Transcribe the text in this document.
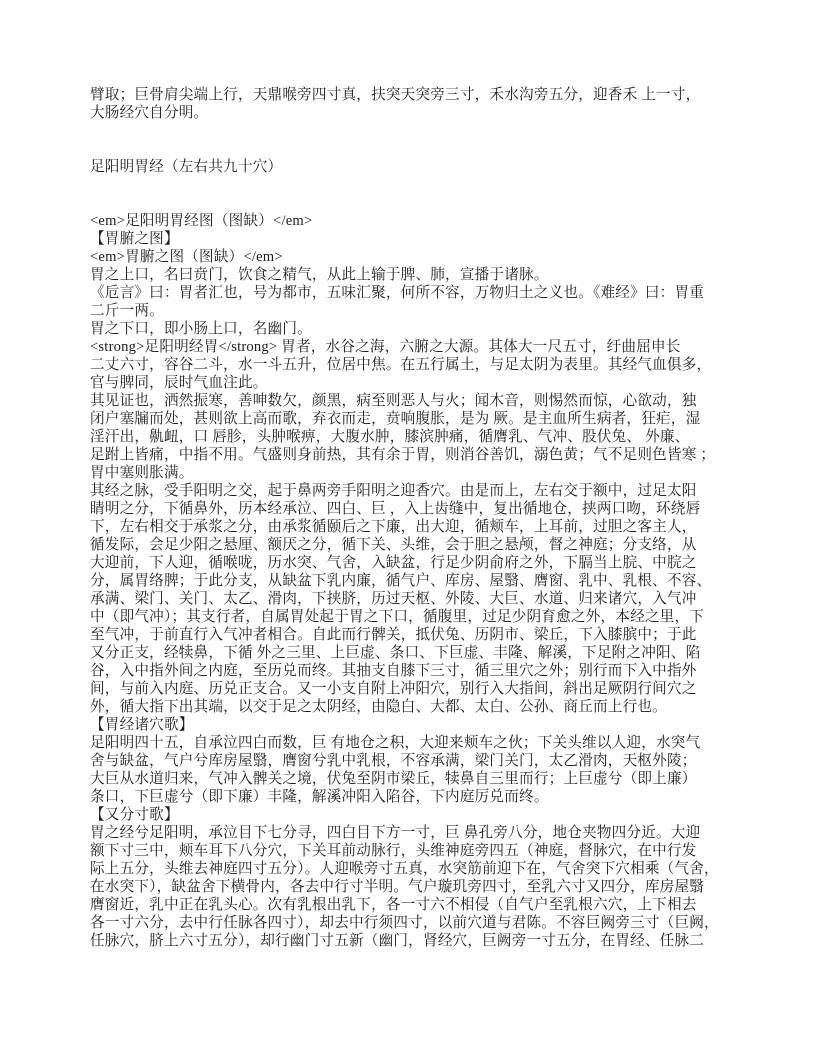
臂取；巨骨肩尖端上行，天鼎喉旁四寸真，扶突天突旁三寸，禾水沟旁五分，迎香禾 上一寸，
大肠经穴自分明。
足阳明胃经（左右共九十穴）
<em>足阳明胃经图（图缺）</em>
【胃腑之图】
<em>胃腑之图（图缺）</em>
胃之上口，名曰贲门，饮食之精气，从此上输于脾、肺，宣播于诸脉。
《卮言》曰：胃者汇也，号为都市，五味汇聚，何所不容，万物归土之义也。《难经》曰：胃重
二斤一两。
胃之下口，即小肠上口，名幽门。
<strong>足阳明经胃</strong> 胃者，水谷之海，六腑之大源。其体大一尺五寸，纡曲屈申长
二丈六寸，容谷二斗，水一斗五升，位居中焦。在五行属土，与足太阴为表里。其经气血俱多，
官与脾同，辰时气血注此。
其见证也，洒然振寒，善呻数欠，颜黑，病至则恶人与火；闻木音，则惕然而惊，心欲动，独
闭户塞牖而处，甚则欲上高而歌，弃衣而走，贲响腹胀，是为 厥。是主血所生病者，狂疟，湿
淫汗出，鼽衄，口 唇胗，头肿喉痹，大腹水肿，膝滨肿痛，循膺乳、气冲、股伏兔、 外廉、
足跗上皆痛，中指不用。气盛则身前热，其有余于胃，则消谷善饥，溺色黄；气不足则色皆寒 ；
胃中塞则胀满。
其经之脉，受手阳明之交，起于鼻两旁手阳明之迎香穴。由是而上，左右交于额中，过足太阳
睛明之分，下循鼻外，历本经承泣、四白、巨 ，入上齿缝中，复出循地仓，挟两口吻，环绕唇
下，左右相交于承浆之分，由承浆循颐后之下廉，出大迎，循颊车，上耳前，过胆之客主人，
循发际，会足少阳之悬厘、额厌之分，循下关、头维，会于胆之悬颅，督之神庭；分支络，从
大迎前，下人迎，循喉咙，历水突、气舍，入缺盆，行足少阴俞府之外，下膈当上脘、中脘之
分，属胃络脾；于此分支，从缺盆下乳内廉，循气户、库房、屋翳、膺窗、乳中、乳根、不容、
承满、梁门、关门、太乙、滑肉，下挟脐，历过天枢、外陵、大巨、水道、归来诸穴，入气冲
中（即气冲）；其支行者，自属胃处起于胃之下口，循腹里，过足少阴育愈之外，本经之里，下
至气冲，于前直行入气冲者相合。自此而行髀关，抵伏兔、历阴市、梁丘，下入膝膑中；于此
又分正支，经犊鼻，下循 外之三里、上巨虚、条口、下巨虚、丰隆、解溪，下足附之冲阳、陷
谷，入中指外间之内庭，至历兑而终。其抽支自膝下三寸，循三里穴之外；别行而下入中指外
间，与前入内庭、历兑正支合。又一小支自附上冲阳穴，别行入大指间，斜出足厥阴行间穴之
外，循大指下出其端，以交于足之太阴经，由隐白、大都、太白、公孙、商丘而上行也。
【胃经诸穴歌】
足阳明四十五，自承泣四白而数，巨 有地仓之积，大迎来颊车之伙；下关头维以人迎，水突气
舍与缺盆，气户兮库房屋翳，膺窗兮乳中乳根，不容承满，梁门关门，太乙滑肉，天枢外陵；
大巨从水道归来，气冲入髀关之境，伏兔至阴市梁丘，犊鼻自三里而行；上巨虚兮（即上廉）
条口，下巨虚兮（即下廉）丰隆，解溪冲阳入陷谷，下内庭厉兑而终。
【又分寸歌】
胃之经兮足阳明，承泣目下七分寻，四白目下方一寸，巨 鼻孔旁八分，地仓夹物四分近。大迎
额下寸三中，颊车耳下八分穴，下关耳前动脉行，头维神庭旁四五（神庭，督脉穴，在中行发
际上五分，头维去神庭四寸五分）。人迎喉旁寸五真，水突筋前迎下在，气舍突下穴相乘（气舍，
在水突下），缺盆舍下横骨内，各去中行寸半明。气户璇玑旁四寸，至乳六寸又四分，库房屋翳
膺窗近，乳中正在乳头心。次有乳根出乳下，各一寸六不相侵（自气户至乳根六穴，上下相去
各一寸六分，去中行任脉各四寸），却去中行须四寸，以前穴道与君陈。不容巨阙旁三寸（巨阙，
任脉穴，脐上六寸五分），却行幽门寸五新（幽门，肾经穴，巨阙旁一寸五分，在胃经、任脉二
